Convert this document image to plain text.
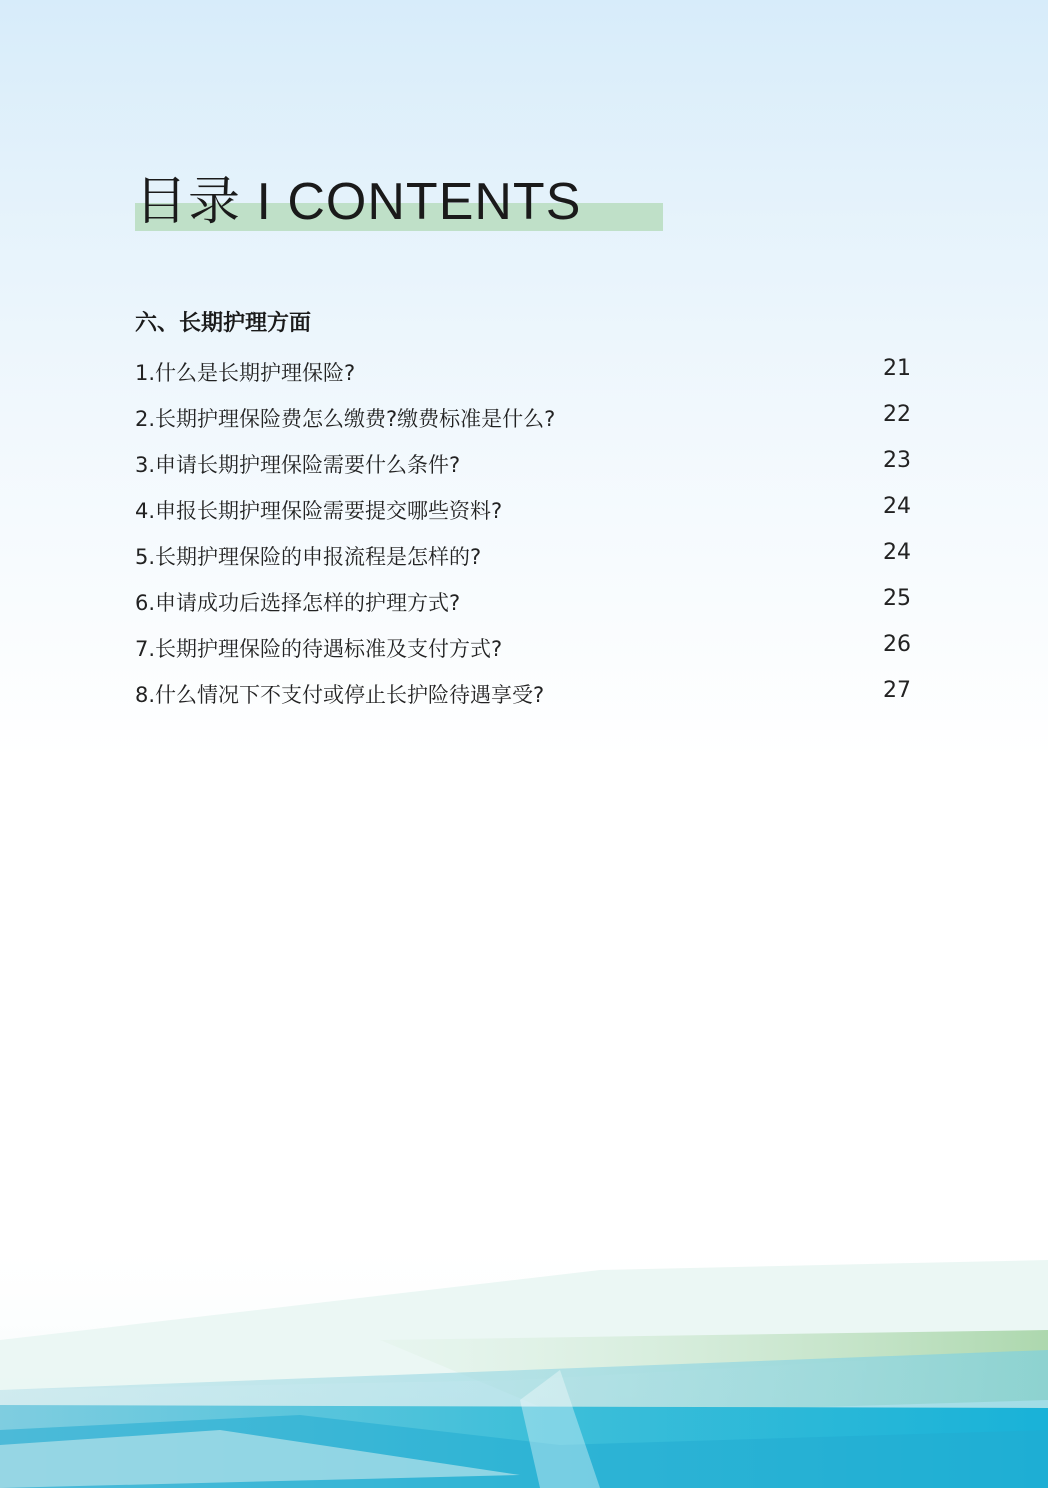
目录 I CONTENTS
六、长期护理方面
1.什么是长期护理保险?	21
2.长期护理保险费怎么缴费?缴费标准是什么?	22
3.申请长期护理保险需要什么条件?	23
4.申报长期护理保险需要提交哪些资料?	24
5.长期护理保险的申报流程是怎样的?	24
6.申请成功后选择怎样的护理方式?	25
7.长期护理保险的待遇标准及支付方式?	26
8.什么情况下不支付或停止长护险待遇享受?	27
